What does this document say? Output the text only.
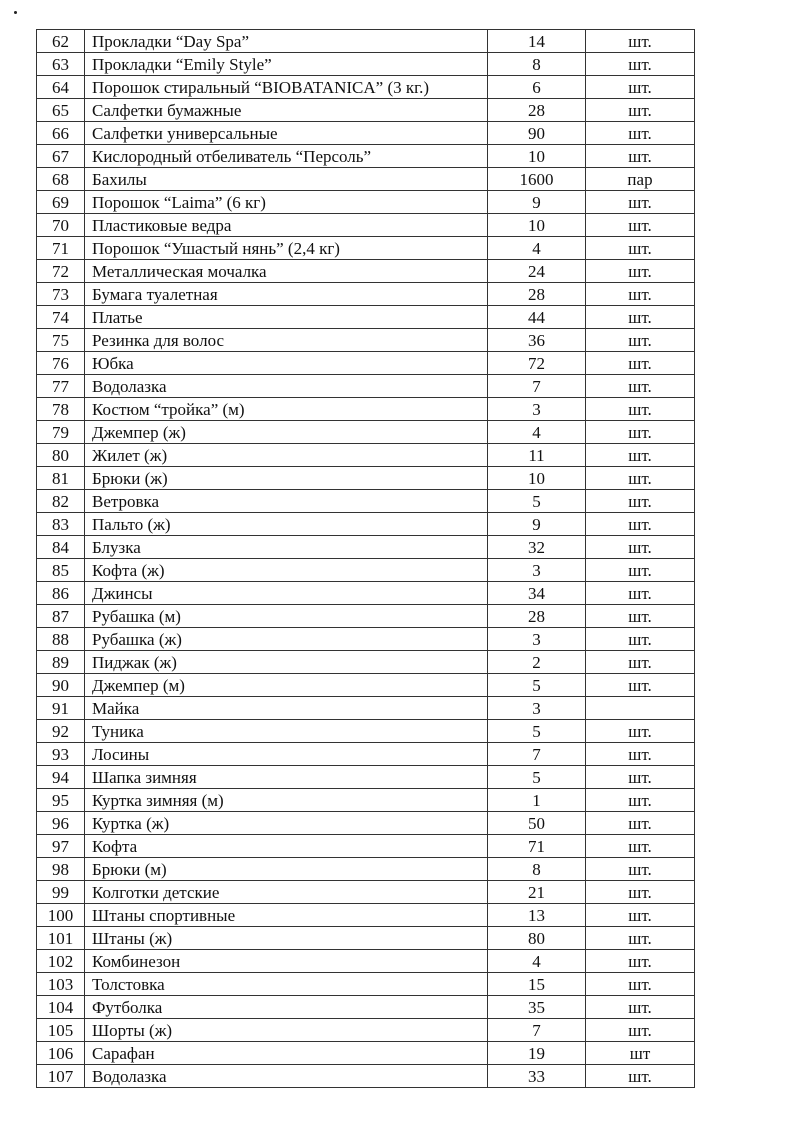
62	Прокладки “Day Spa”	14	шт.
63	Прокладки “Emily Style”	8	шт.
64	Порошок стиральный “BIOBATANICA” (3 кг.)	6	шт.
65	Салфетки бумажные	28	шт.
66	Салфетки универсальные	90	шт.
67	Кислородный отбеливатель “Персоль”	10	шт.
68	Бахилы	1600	пар
69	Порошок “Laima” (6 кг)	9	шт.
70	Пластиковые ведра	10	шт.
71	Порошок “Ушастый нянь” (2,4 кг)	4	шт.
72	Металлическая мочалка	24	шт.
73	Бумага туалетная	28	шт.
74	Платье	44	шт.
75	Резинка для волос	36	шт.
76	Юбка	72	шт.
77	Водолазка	7	шт.
78	Костюм “тройка” (м)	3	шт.
79	Джемпер (ж)	4	шт.
80	Жилет (ж)	11	шт.
81	Брюки (ж)	10	шт.
82	Ветровка	5	шт.
83	Пальто (ж)	9	шт.
84	Блузка	32	шт.
85	Кофта (ж)	3	шт.
86	Джинсы	34	шт.
87	Рубашка (м)	28	шт.
88	Рубашка (ж)	3	шт.
89	Пиджак (ж)	2	шт.
90	Джемпер (м)	5	шт.
91	Майка	3	
92	Туника	5	шт.
93	Лосины	7	шт.
94	Шапка зимняя	5	шт.
95	Куртка зимняя (м)	1	шт.
96	Куртка (ж)	50	шт.
97	Кофта	71	шт.
98	Брюки (м)	8	шт.
99	Колготки детские	21	шт.
100	Штаны спортивные	13	шт.
101	Штаны (ж)	80	шт.
102	Комбинезон	4	шт.
103	Толстовка	15	шт.
104	Футболка	35	шт.
105	Шорты (ж)	7	шт.
106	Сарафан	19	шт
107	Водолазка	33	шт.
